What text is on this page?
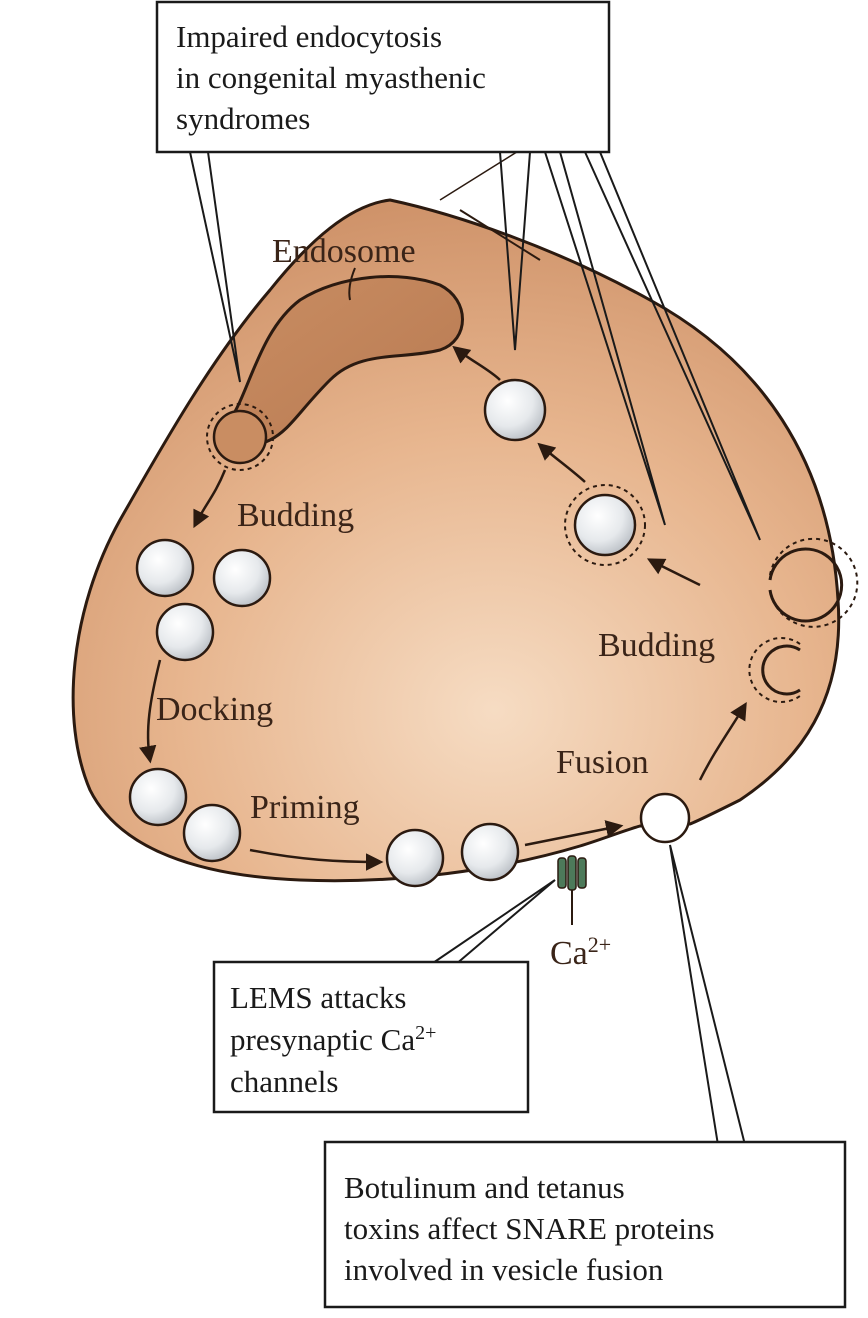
Endosome
Budding
Budding
Docking
Priming
Fusion
$Ca^{2+}$
Impaired endocytosis
in congenital myasthenic
syndromes
LEMS attacks
presynaptic $Ca^{2+}$
channels
Botulinum and tetanus
toxins affect SNARE proteins
involved in vesicle fusion
